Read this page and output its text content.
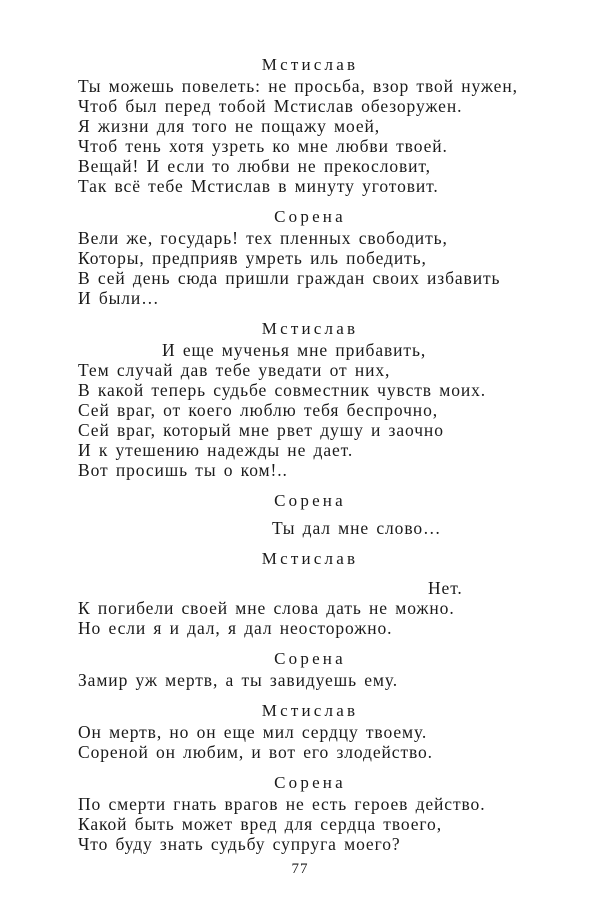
Мстислав
Ты можешь повелеть: не просьба, взор твой нужен,
Чтоб был перед тобой Мстислав обезоружен.
Я жизни для того не пощажу моей,
Чтоб тень хотя узреть ко мне любви твоей.
Вещай! И если то любви не прекословит,
Так всё тебе Мстислав в минуту уготовит.
Сорена
Вели же, государь! тех пленных свободить,
Которы, предприяв умреть иль победить,
В сей день сюда пришли граждан своих избавить
И были…
Мстислав
И еще мученья мне прибавить,
Тем случай дав тебе уведати от них,
В какой теперь судьбе совместник чувств моих.
Сей враг, от коего люблю тебя беспрочно,
Сей враг, который мне рвет душу и заочно
И к утешению надежды не дает.
Вот просишь ты о ком!..
Сорена
Ты дал мне слово…
Мстислав
Нет.
К погибели своей мне слова дать не можно.
Но если я и дал, я дал неосторожно.
Сорена
Замир уж мертв, а ты завидуешь ему.
Мстислав
Он мертв, но он еще мил сердцу твоему.
Сореной он любим, и вот его злодейство.
Сорена
По смерти гнать врагов не есть героев действо.
Какой быть может вред для сердца твоего,
Что буду знать судьбу супруга моего?
77
